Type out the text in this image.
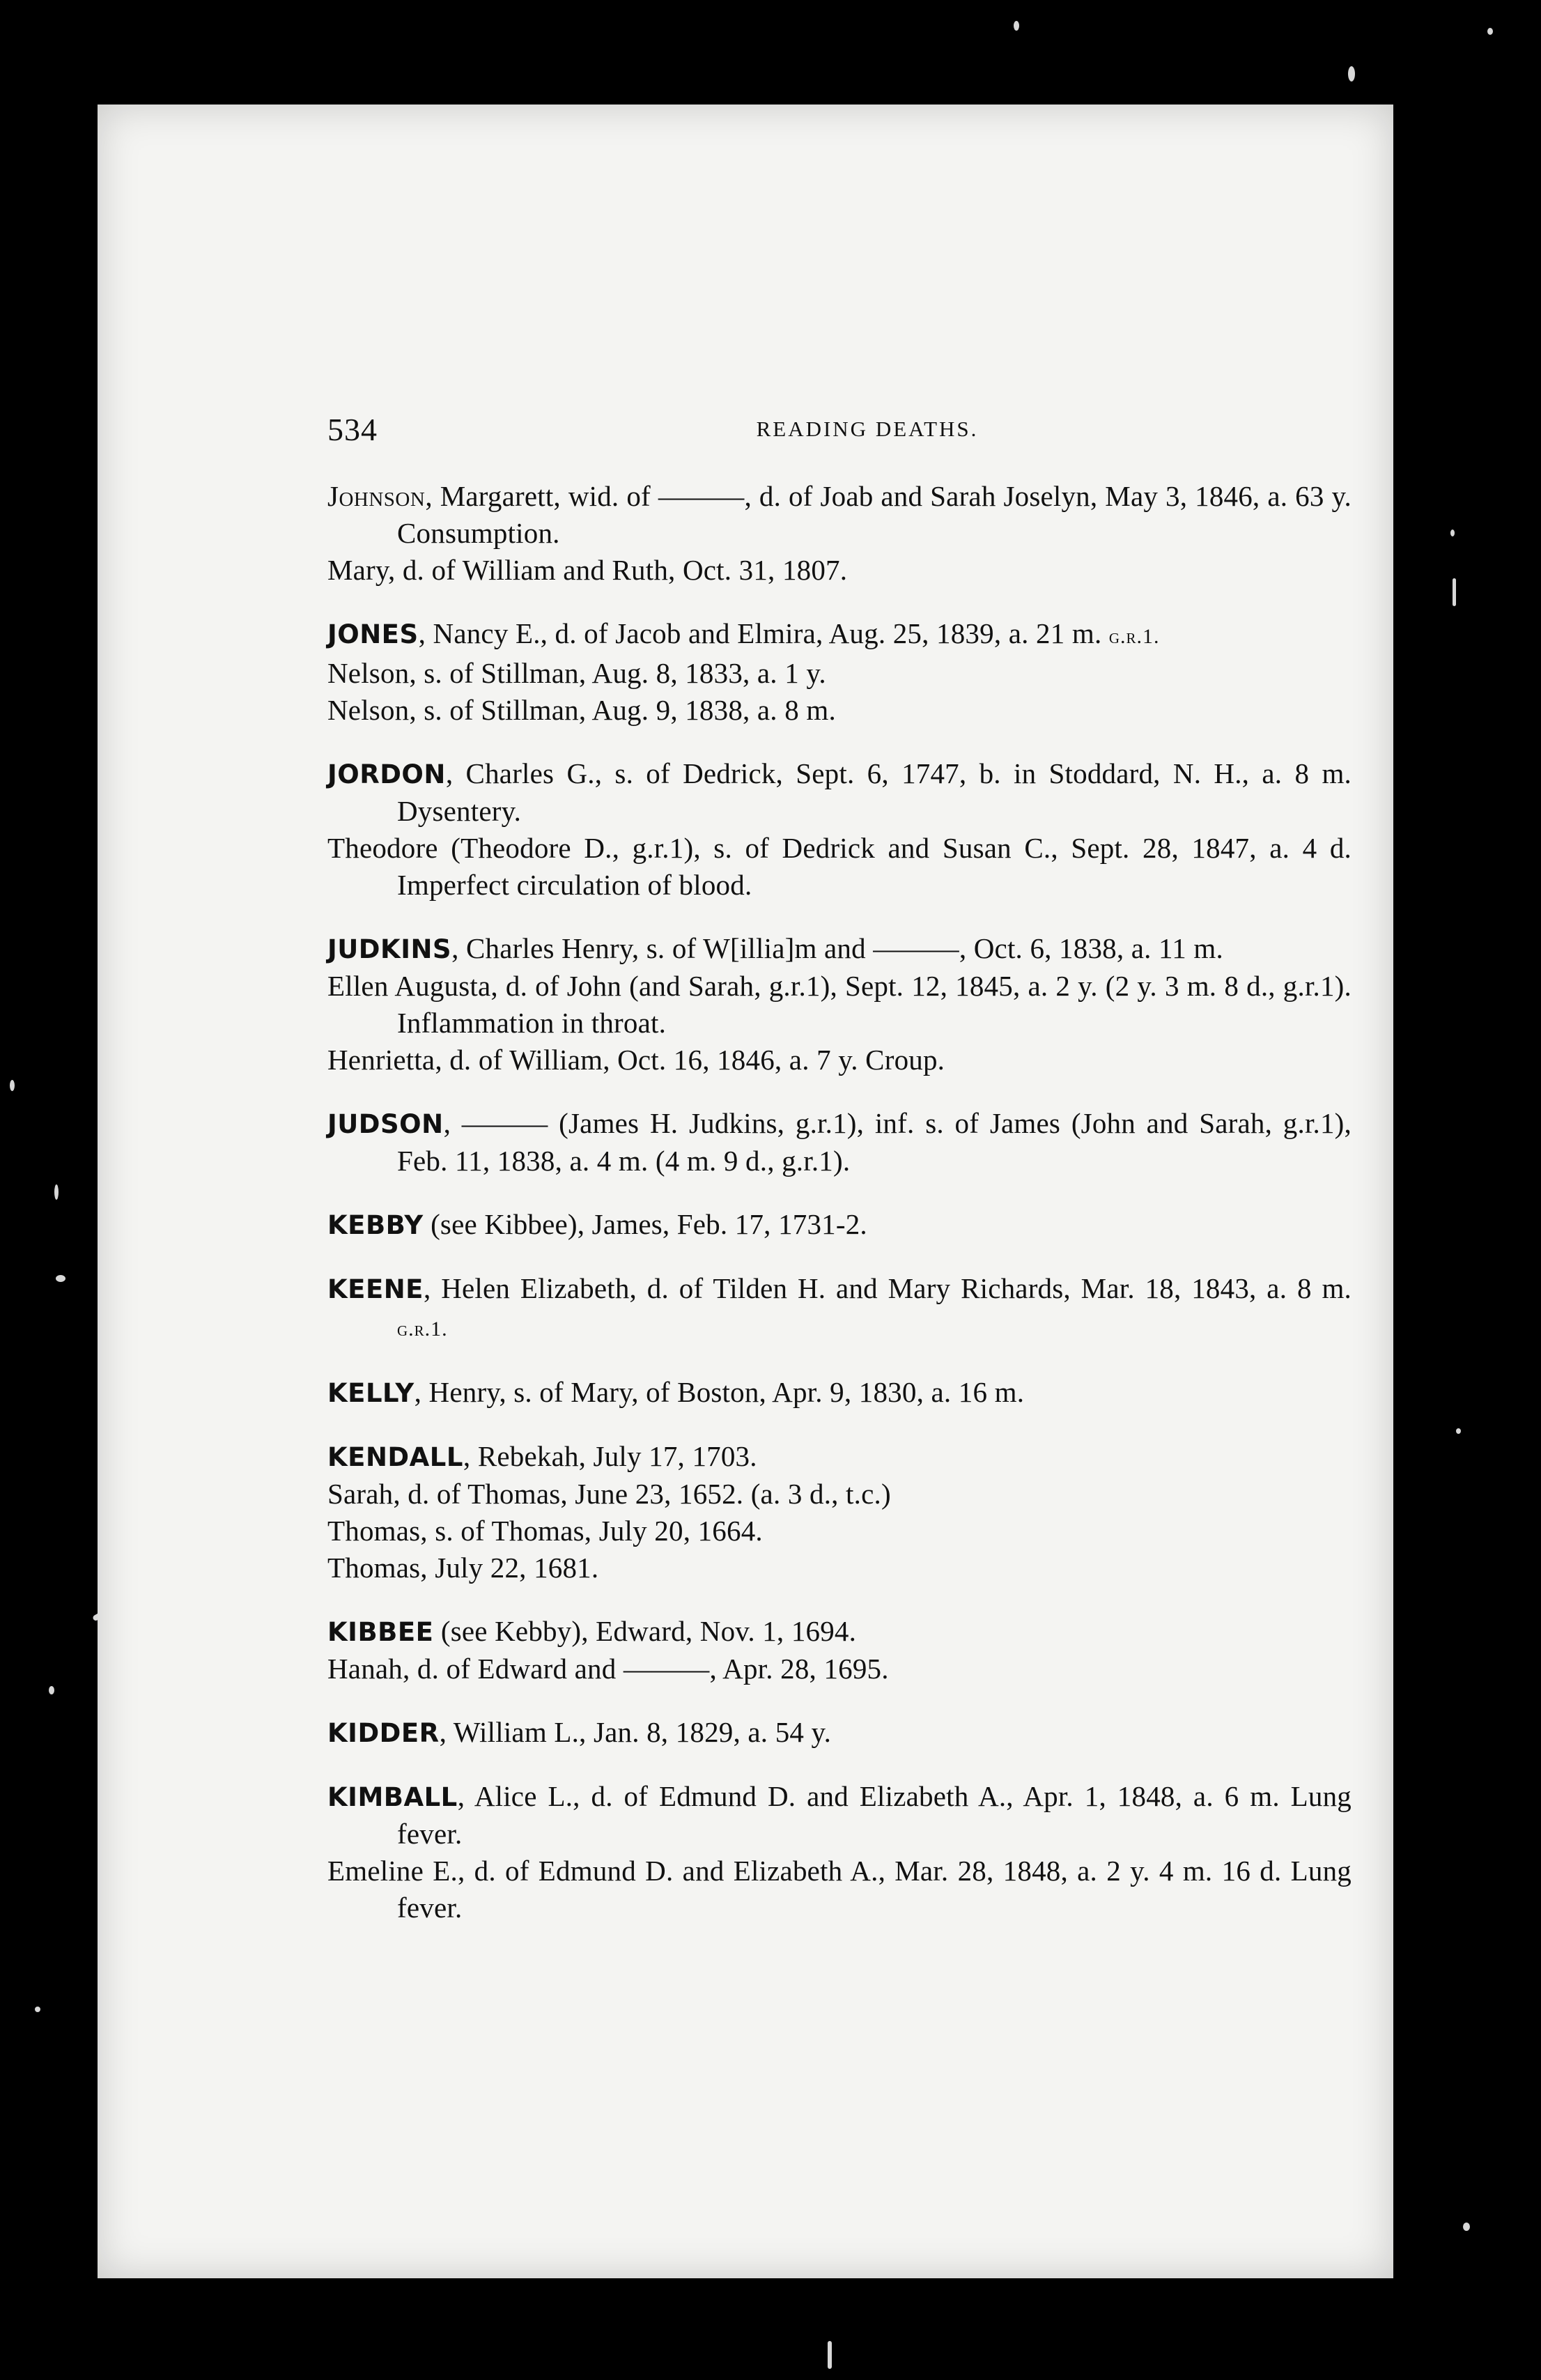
534	READING DEATHS.
Johnson, Margarett, wid. of ———, d. of Joab and Sarah Joselyn, May 3, 1846, a. 63 y. Consumption.
Mary, d. of William and Ruth, Oct. 31, 1807.
JONES, Nancy E., d. of Jacob and Elmira, Aug. 25, 1839, a. 21 m. g.r.1.
Nelson, s. of Stillman, Aug. 8, 1833, a. 1 y.
Nelson, s. of Stillman, Aug. 9, 1838, a. 8 m.
JORDON, Charles G., s. of Dedrick, Sept. 6, 1747, b. in Stoddard, N. H., a. 8 m. Dysentery.
Theodore (Theodore D., g.r.1), s. of Dedrick and Susan C., Sept. 28, 1847, a. 4 d. Imperfect circulation of blood.
JUDKINS, Charles Henry, s. of W[illia]m and ———, Oct. 6, 1838, a. 11 m.
Ellen Augusta, d. of John (and Sarah, g.r.1), Sept. 12, 1845, a. 2 y. (2 y. 3 m. 8 d., g.r.1). Inflammation in throat.
Henrietta, d. of William, Oct. 16, 1846, a. 7 y. Croup.
JUDSON, ——— (James H. Judkins, g.r.1), inf. s. of James (John and Sarah, g.r.1), Feb. 11, 1838, a. 4 m. (4 m. 9 d., g.r.1).
KEBBY (see Kibbee), James, Feb. 17, 1731-2.
KEENE, Helen Elizabeth, d. of Tilden H. and Mary Richards, Mar. 18, 1843, a. 8 m. g.r.1.
KELLY, Henry, s. of Mary, of Boston, Apr. 9, 1830, a. 16 m.
KENDALL, Rebekah, July 17, 1703.
Sarah, d. of Thomas, June 23, 1652. (a. 3 d., t.c.)
Thomas, s. of Thomas, July 20, 1664.
Thomas, July 22, 1681.
KIBBEE (see Kebby), Edward, Nov. 1, 1694.
Hanah, d. of Edward and ———, Apr. 28, 1695.
KIDDER, William L., Jan. 8, 1829, a. 54 y.
KIMBALL, Alice L., d. of Edmund D. and Elizabeth A., Apr. 1, 1848, a. 6 m. Lung fever.
Emeline E., d. of Edmund D. and Elizabeth A., Mar. 28, 1848, a. 2 y. 4 m. 16 d. Lung fever.
